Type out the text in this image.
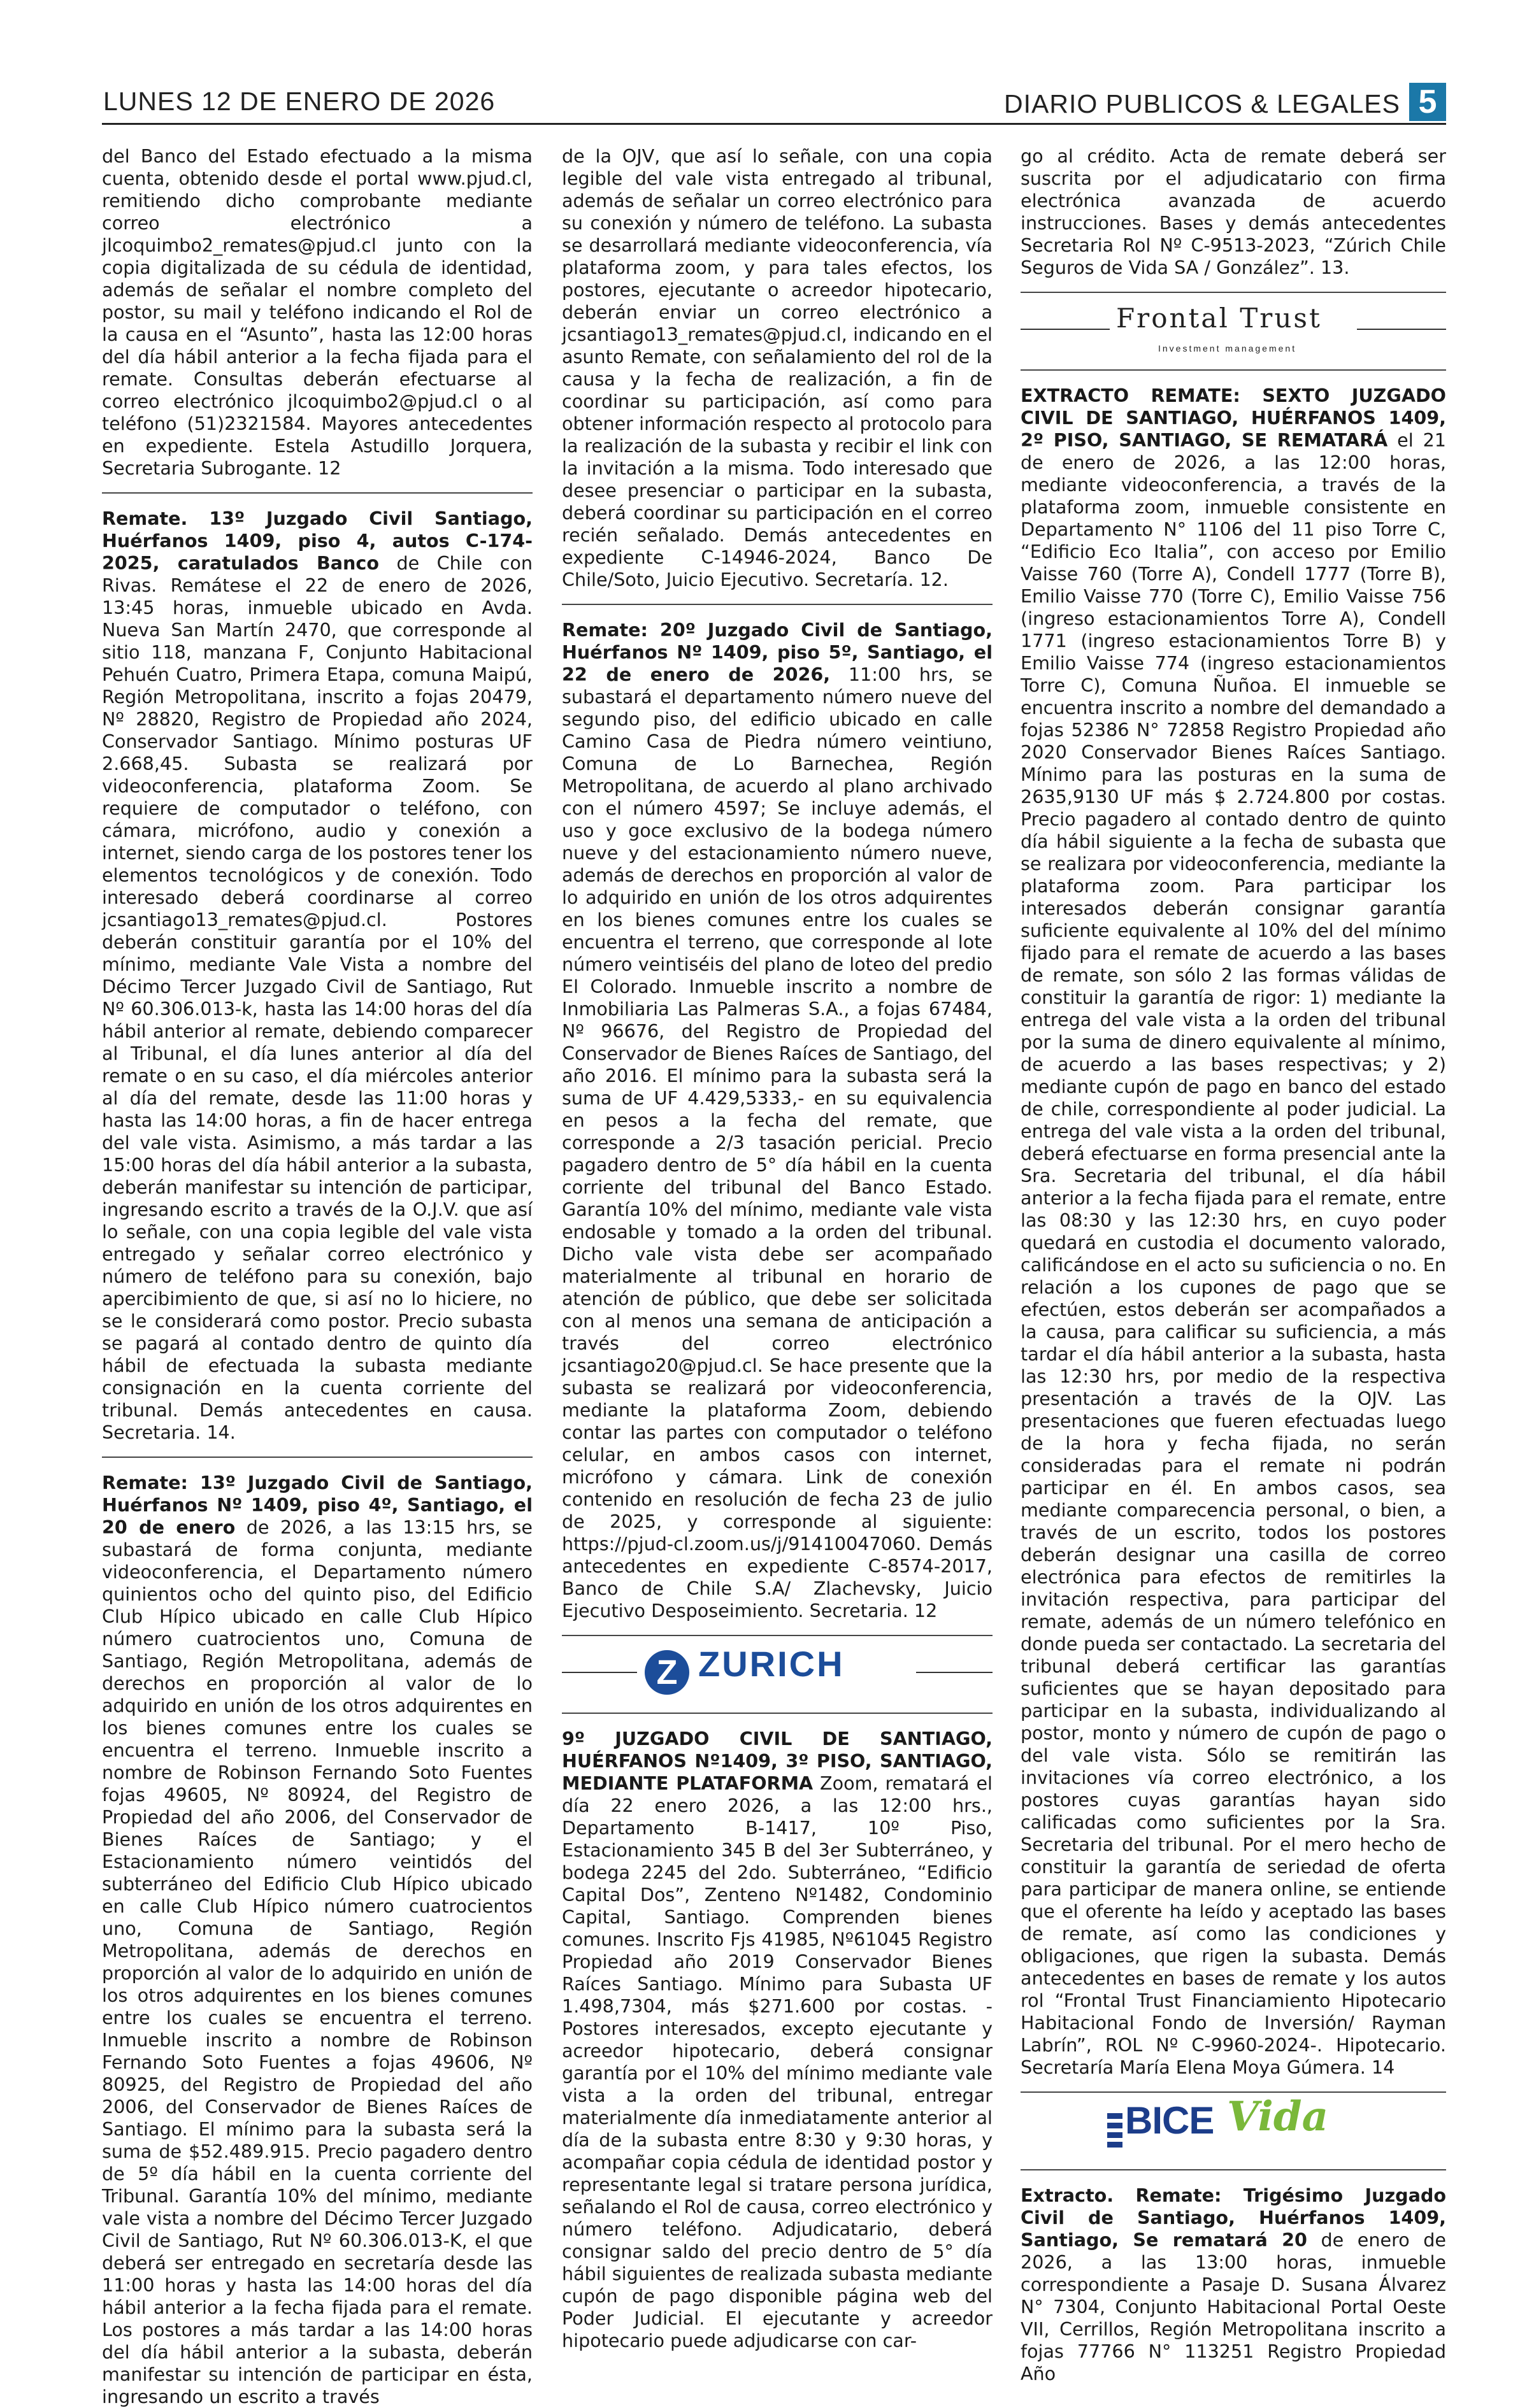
LUNES 12 DE ENERO DE 2026	DIARIO PUBLICOS & LEGALES 5

del Banco del Estado efectuado a la misma cuenta, obtenido desde el portal www.pjud.cl, remitiendo dicho comprobante mediante correo electrónico a jlcoquimbo2_remates@pjud.cl junto con la copia digitalizada de su cédula de identidad, además de señalar el nombre completo del postor, su mail y teléfono indicando el Rol de la causa en el “Asunto”, hasta las 12:00 horas del día hábil anterior a la fecha fijada para el remate. Consultas deberán efectuarse al correo electrónico jlcoquimbo2@pjud.cl o al teléfono (51)2321584. Mayores antecedentes en expediente. Estela Astudillo Jorquera, Secretaria Subrogante. 12

Remate. 13º Juzgado Civil Santiago, Huérfanos 1409, piso 4, autos C-174-2025, caratulados Banco de Chile con Rivas. Remátese el 22 de enero de 2026, 13:45 horas, inmueble ubicado en Avda. Nueva San Martín 2470, que corresponde al sitio 118, manzana F, Conjunto Habitacional Pehuén Cuatro, Primera Etapa, comuna Maipú, Región Metropolitana, inscrito a fojas 20479, Nº 28820, Registro de Propiedad año 2024, Conservador Santiago. Mínimo posturas UF 2.668,45. Subasta se realizará por videoconferencia, plataforma Zoom. Se requiere de computador o teléfono, con cámara, micrófono, audio y conexión a internet, siendo carga de los postores tener los elementos tecnológicos y de conexión. Todo interesado deberá coordinarse al correo jcsantiago13_remates@pjud.cl. Postores deberán constituir garantía por el 10% del mínimo, mediante Vale Vista a nombre del Décimo Tercer Juzgado Civil de Santiago, Rut Nº 60.306.013-k, hasta las 14:00 horas del día hábil anterior al remate, debiendo comparecer al Tribunal, el día lunes anterior al día del remate o en su caso, el día miércoles anterior al día del remate, desde las 11:00 horas y hasta las 14:00 horas, a fin de hacer entrega del vale vista. Asimismo, a más tardar a las 15:00 horas del día hábil anterior a la subasta, deberán manifestar su intención de participar, ingresando escrito a través de la O.J.V. que así lo señale, con una copia legible del vale vista entregado y señalar correo electrónico y número de teléfono para su conexión, bajo apercibimiento de que, si así no lo hiciere, no se le considerará como postor. Precio subasta se pagará al contado dentro de quinto día hábil de efectuada la subasta mediante consignación en la cuenta corriente del tribunal. Demás antecedentes en causa. Secretaria. 14.

Remate: 13º Juzgado Civil de Santiago, Huérfanos Nº 1409, piso 4º, Santiago, el 20 de enero de 2026, a las 13:15 hrs, se subastará de forma conjunta, mediante videoconferencia, el Departamento número quinientos ocho del quinto piso, del Edificio Club Hípico ubicado en calle Club Hípico número cuatrocientos uno, Comuna de Santiago, Región Metropolitana, además de derechos en proporción al valor de lo adquirido en unión de los otros adquirentes en los bienes comunes entre los cuales se encuentra el terreno. Inmueble inscrito a nombre de Robinson Fernando Soto Fuentes fojas 49605, Nº 80924, del Registro de Propiedad del año 2006, del Conservador de Bienes Raíces de Santiago; y el Estacionamiento número veintidós del subterráneo del Edificio Club Hípico ubicado en calle Club Hípico número cuatrocientos uno, Comuna de Santiago, Región Metropolitana, además de derechos en proporción al valor de lo adquirido en unión de los otros adquirentes en los bienes comunes entre los cuales se encuentra el terreno. Inmueble inscrito a nombre de Robinson Fernando Soto Fuentes a fojas 49606, Nº 80925, del Registro de Propiedad del año 2006, del Conservador de Bienes Raíces de Santiago. El mínimo para la subasta será la suma de $52.489.915. Precio pagadero dentro de 5º día hábil en la cuenta corriente del Tribunal. Garantía 10% del mínimo, mediante vale vista a nombre del Décimo Tercer Juzgado Civil de Santiago, Rut Nº 60.306.013-K, el que deberá ser entregado en secretaría desde las 11:00 horas y hasta las 14:00 horas del día hábil anterior a la fecha fijada para el remate. Los postores a más tardar a las 14:00 horas del día hábil anterior a la subasta, deberán manifestar su intención de participar en ésta, ingresando un escrito a través

de la OJV, que así lo señale, con una copia legible del vale vista entregado al tribunal, además de señalar un correo electrónico para su conexión y número de teléfono. La subasta se desarrollará mediante videoconferencia, vía plataforma zoom, y para tales efectos, los postores, ejecutante o acreedor hipotecario, deberán enviar un correo electrónico a jcsantiago13_remates@pjud.cl, indicando en el asunto Remate, con señalamiento del rol de la causa y la fecha de realización, a fin de coordinar su participación, así como para obtener información respecto al protocolo para la realización de la subasta y recibir el link con la invitación a la misma. Todo interesado que desee presenciar o participar en la subasta, deberá coordinar su participación en el correo recién señalado. Demás antecedentes en expediente C-14946-2024, Banco De Chile/Soto, Juicio Ejecutivo. Secretaría. 12.

Remate: 20º Juzgado Civil de Santiago, Huérfanos Nº 1409, piso 5º, Santiago, el 22 de enero de 2026, 11:00 hrs, se subastará el departamento número nueve del segundo piso, del edificio ubicado en calle Camino Casa de Piedra número veintiuno, Comuna de Lo Barnechea, Región Metropolitana, de acuerdo al plano archivado con el número 4597; Se incluye además, el uso y goce exclusivo de la bodega número nueve y del estacionamiento número nueve, además de derechos en proporción al valor de lo adquirido en unión de los otros adquirentes en los bienes comunes entre los cuales se encuentra el terreno, que corresponde al lote número veintiséis del plano de loteo del predio El Colorado. Inmueble inscrito a nombre de Inmobiliaria Las Palmeras S.A., a fojas 67484, Nº 96676, del Registro de Propiedad del Conservador de Bienes Raíces de Santiago, del año 2016. El mínimo para la subasta será la suma de UF 4.429,5333,- en su equivalencia en pesos a la fecha del remate, que corresponde a 2/3 tasación pericial. Precio pagadero dentro de 5° día hábil en la cuenta corriente del tribunal del Banco Estado. Garantía 10% del mínimo, mediante vale vista endosable y tomado a la orden del tribunal. Dicho vale vista debe ser acompañado materialmente al tribunal en horario de atención de público, que debe ser solicitada con al menos una semana de anticipación a través del correo electrónico jcsantiago20@pjud.cl. Se hace presente que la subasta se realizará por videoconferencia, mediante la plataforma Zoom, debiendo contar las partes con computador o teléfono celular, en ambos casos con internet, micrófono y cámara. Link de conexión contenido en resolución de fecha 23 de julio de 2025, y corresponde al siguiente: https://pjud-cl.zoom.us/j/91410047060. Demás antecedentes en expediente C-8574-2017, Banco de Chile S.A/ Zlachevsky, Juicio Ejecutivo Desposeimiento. Secretaria. 12

Z ZURICH

9º JUZGADO CIVIL DE SANTIAGO, HUÉRFANOS Nº1409, 3º PISO, SANTIAGO, MEDIANTE PLATAFORMA Zoom, rematará el día 22 enero 2026, a las 12:00 hrs., Departamento B-1417, 10º Piso, Estacionamiento 345 B del 3er Subterráneo, y bodega 2245 del 2do. Subterráneo, “Edificio Capital Dos”, Zenteno Nº1482, Condominio Capital, Santiago. Comprenden bienes comunes. Inscrito Fjs 41985, Nº61045 Registro Propiedad año 2019 Conservador Bienes Raíces Santiago. Mínimo para Subasta UF 1.498,7304, más $271.600 por costas. -Postores interesados, excepto ejecutante y acreedor hipotecario, deberá consignar garantía por el 10% del mínimo mediante vale vista a la orden del tribunal, entregar materialmente día inmediatamente anterior al día de la subasta entre 8:30 y 9:30 horas, y acompañar copia cédula de identidad postor y representante legal si tratare persona jurídica, señalando el Rol de causa, correo electrónico y número teléfono. Adjudicatario, deberá consignar saldo del precio dentro de 5° día hábil siguientes de realizada subasta mediante cupón de pago disponible página web del Poder Judicial. El ejecutante y acreedor hipotecario puede adjudicarse con car-

go al crédito. Acta de remate deberá ser suscrita por el adjudicatario con firma electrónica avanzada de acuerdo instrucciones. Bases y demás antecedentes Secretaria Rol Nº C-9513-2023, “Zúrich Chile Seguros de Vida SA / González”. 13.

Frontal Trust
Investment management

EXTRACTO REMATE: SEXTO JUZGADO CIVIL DE SANTIAGO, HUÉRFANOS 1409, 2º PISO, SANTIAGO, SE REMATARÁ el 21 de enero de 2026, a las 12:00 horas, mediante videoconferencia, a través de la plataforma zoom, inmueble consistente en Departamento N° 1106 del 11 piso Torre C, “Edificio Eco Italia”, con acceso por Emilio Vaisse 760 (Torre A), Condell 1777 (Torre B), Emilio Vaisse 770 (Torre C), Emilio Vaisse 756 (ingreso estacionamientos Torre A), Condell 1771 (ingreso estacionamientos Torre B) y Emilio Vaisse 774 (ingreso estacionamientos Torre C), Comuna Ñuñoa. El inmueble se encuentra inscrito a nombre del demandado a fojas 52386 N° 72858 Registro Propiedad año 2020 Conservador Bienes Raíces Santiago. Mínimo para las posturas en la suma de 2635,9130 UF más $ 2.724.800 por costas. Precio pagadero al contado dentro de quinto día hábil siguiente a la fecha de subasta que se realizara por videoconferencia, mediante la plataforma zoom. Para participar los interesados deberán consignar garantía suficiente equivalente al 10% del del mínimo fijado para el remate de acuerdo a las bases de remate, son sólo 2 las formas válidas de constituir la garantía de rigor: 1) mediante la entrega del vale vista a la orden del tribunal por la suma de dinero equivalente al mínimo, de acuerdo a las bases respectivas; y 2) mediante cupón de pago en banco del estado de chile, correspondiente al poder judicial. La entrega del vale vista a la orden del tribunal, deberá efectuarse en forma presencial ante la Sra. Secretaria del tribunal, el día hábil anterior a la fecha fijada para el remate, entre las 08:30 y las 12:30 hrs, en cuyo poder quedará en custodia el documento valorado, calificándose en el acto su suficiencia o no. En relación a los cupones de pago que se efectúen, estos deberán ser acompañados a la causa, para calificar su suficiencia, a más tardar el día hábil anterior a la subasta, hasta las 12:30 hrs, por medio de la respectiva presentación a través de la OJV. Las presentaciones que fueren efectuadas luego de la hora y fecha fijada, no serán consideradas para el remate ni podrán participar en él. En ambos casos, sea mediante comparecencia personal, o bien, a través de un escrito, todos los postores deberán designar una casilla de correo electrónica para efectos de remitirles la invitación respectiva, para participar del remate, además de un número telefónico en donde pueda ser contactado. La secretaria del tribunal deberá certificar las garantías suficientes que se hayan depositado para participar en la subasta, individualizando al postor, monto y número de cupón de pago o del vale vista. Sólo se remitirán las invitaciones vía correo electrónico, a los postores cuyas garantías hayan sido calificadas como suficientes por la Sra. Secretaria del tribunal. Por el mero hecho de constituir la garantía de seriedad de oferta para participar de manera online, se entiende que el oferente ha leído y aceptado las bases de remate, así como las condiciones y obligaciones, que rigen la subasta. Demás antecedentes en bases de remate y los autos rol “Frontal Trust Financiamiento Hipotecario Habitacional Fondo de Inversión/ Rayman Labrín”, ROL Nº C-9960-2024-. Hipotecario. Secretaría María Elena Moya Gúmera. 14

BICE Vida

Extracto. Remate: Trigésimo Juzgado Civil de Santiago, Huérfanos 1409, Santiago, Se rematará 20 de enero de 2026, a las 13:00 horas, inmueble correspondiente a Pasaje D. Susana Álvarez N° 7304, Conjunto Habitacional Portal Oeste VII, Cerrillos, Región Metropolitana inscrito a fojas 77766 N° 113251 Registro Propiedad Año
